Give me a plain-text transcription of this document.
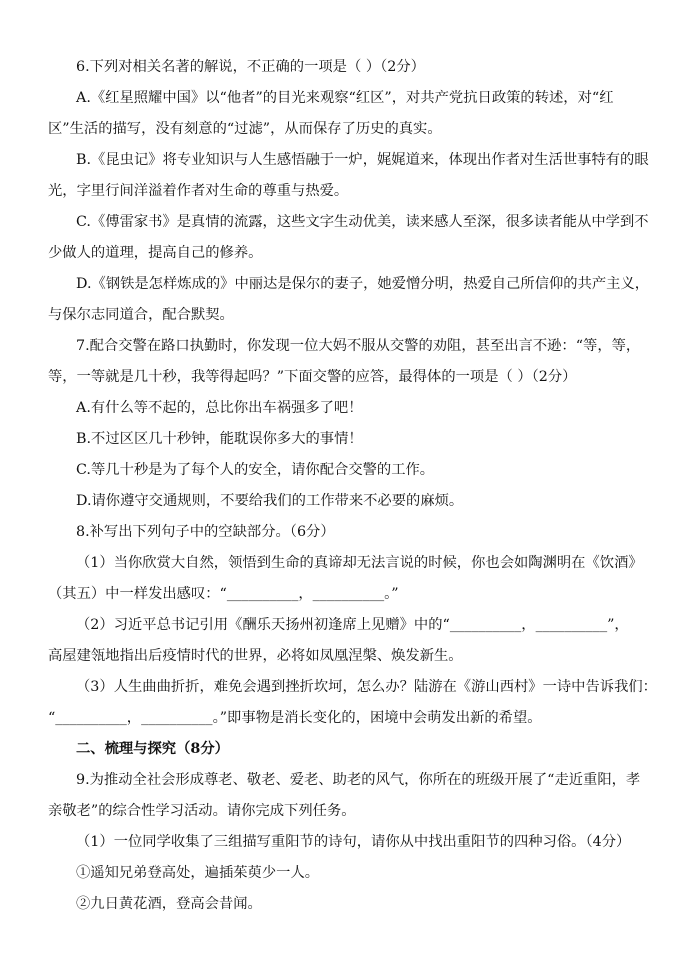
6.下列对相关名著的解说，不正确的一项是（ ）（2分）
A.《红星照耀中国》以“他者”的目光来观察“红区”，对共产党抗日政策的转述，对“红
区”生活的描写，没有刻意的“过滤”，从而保存了历史的真实。
B.《昆虫记》将专业知识与人生感悟融于一炉，娓娓道来，体现出作者对生活世事特有的眼
光，字里行间洋溢着作者对生命的尊重与热爱。
C.《傅雷家书》是真情的流露，这些文字生动优美，读来感人至深，很多读者能从中学到不
少做人的道理，提高自己的修养。
D.《钢铁是怎样炼成的》中丽达是保尔的妻子，她爱憎分明，热爱自己所信仰的共产主义，
与保尔志同道合，配合默契。
7.配合交警在路口执勤时，你发现一位大妈不服从交警的劝阻，甚至出言不逊：“等，等，
等，一等就是几十秒，我等得起吗？”下面交警的应答，最得体的一项是（ ）（2分）
A.有什么等不起的，总比你出车祸强多了吧！
B.不过区区几十秒钟，能耽误你多大的事情！
C.等几十秒是为了每个人的安全，请你配合交警的工作。
D.请你遵守交通规则，不要给我们的工作带来不必要的麻烦。
8.补写出下列句子中的空缺部分。（6分）
（1）当你欣赏大自然，领悟到生命的真谛却无法言说的时候，你也会如陶渊明在《饮酒》
（其五）中一样发出感叹：“__________，__________。”
（2）习近平总书记引用《酬乐天扬州初逢席上见赠》中的“__________，__________”，
高屋建瓴地指出后疫情时代的世界，必将如凤凰涅槃、焕发新生。
（3）人生曲曲折折，难免会遇到挫折坎坷，怎么办？陆游在《游山西村》一诗中告诉我们：
“__________，__________。”即事物是消长变化的，困境中会萌发出新的希望。
二、梳理与探究（8分）
9.为推动全社会形成尊老、敬老、爱老、助老的风气，你所在的班级开展了“走近重阳，孝
亲敬老”的综合性学习活动。请你完成下列任务。
（1）一位同学收集了三组描写重阳节的诗句，请你从中找出重阳节的四种习俗。（4分）
①遥知兄弟登高处，遍插茱萸少一人。
②九日黄花酒，登高会昔闻。
